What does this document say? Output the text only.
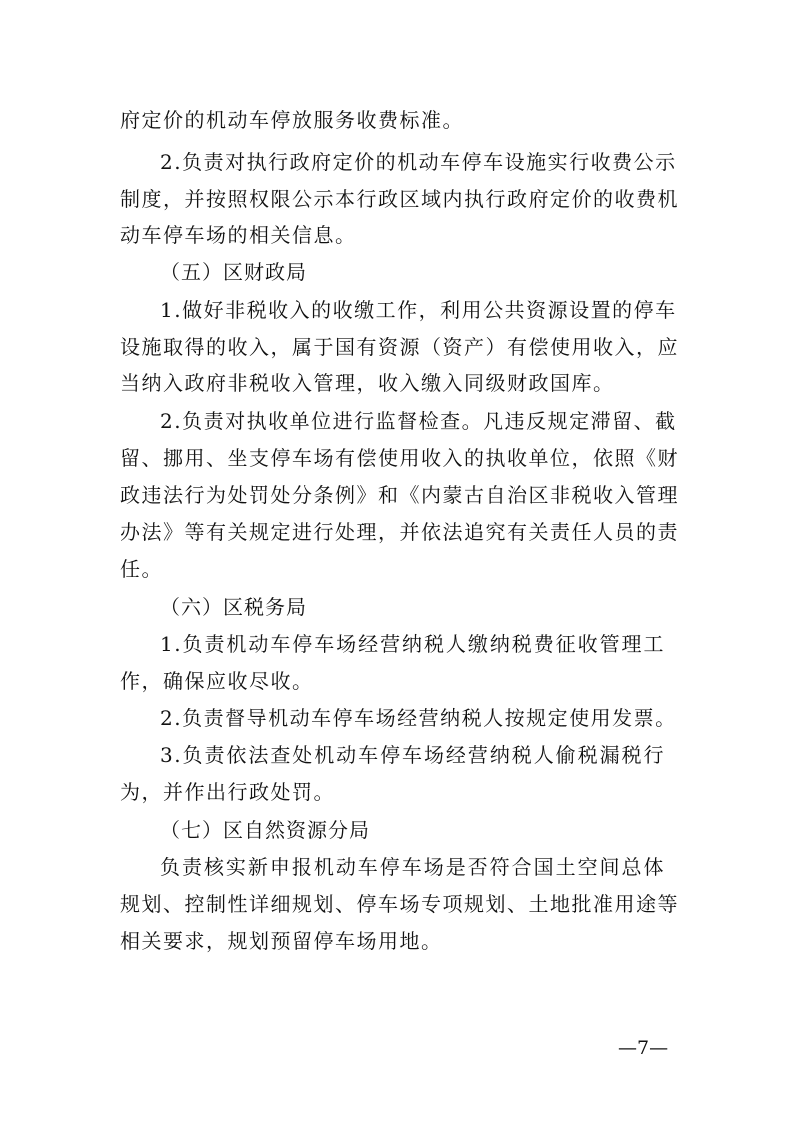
府定价的机动车停放服务收费标准。
2.负责对执行政府定价的机动车停车设施实行收费公示
制度，并按照权限公示本行政区域内执行政府定价的收费机
动车停车场的相关信息。
（五）区财政局
1.做好非税收入的收缴工作，利用公共资源设置的停车
设施取得的收入，属于国有资源（资产）有偿使用收入，应
当纳入政府非税收入管理，收入缴入同级财政国库。
2.负责对执收单位进行监督检查。凡违反规定滞留、截
留、挪用、坐支停车场有偿使用收入的执收单位，依照《财
政违法行为处罚处分条例》和《内蒙古自治区非税收入管理
办法》等有关规定进行处理，并依法追究有关责任人员的责
任。
（六）区税务局
1.负责机动车停车场经营纳税人缴纳税费征收管理工
作，确保应收尽收。
2.负责督导机动车停车场经营纳税人按规定使用发票。
3.负责依法查处机动车停车场经营纳税人偷税漏税行
为，并作出行政处罚。
（七）区自然资源分局
负责核实新申报机动车停车场是否符合国土空间总体
规划、控制性详细规划、停车场专项规划、土地批准用途等
相关要求，规划预留停车场用地。
—7—
